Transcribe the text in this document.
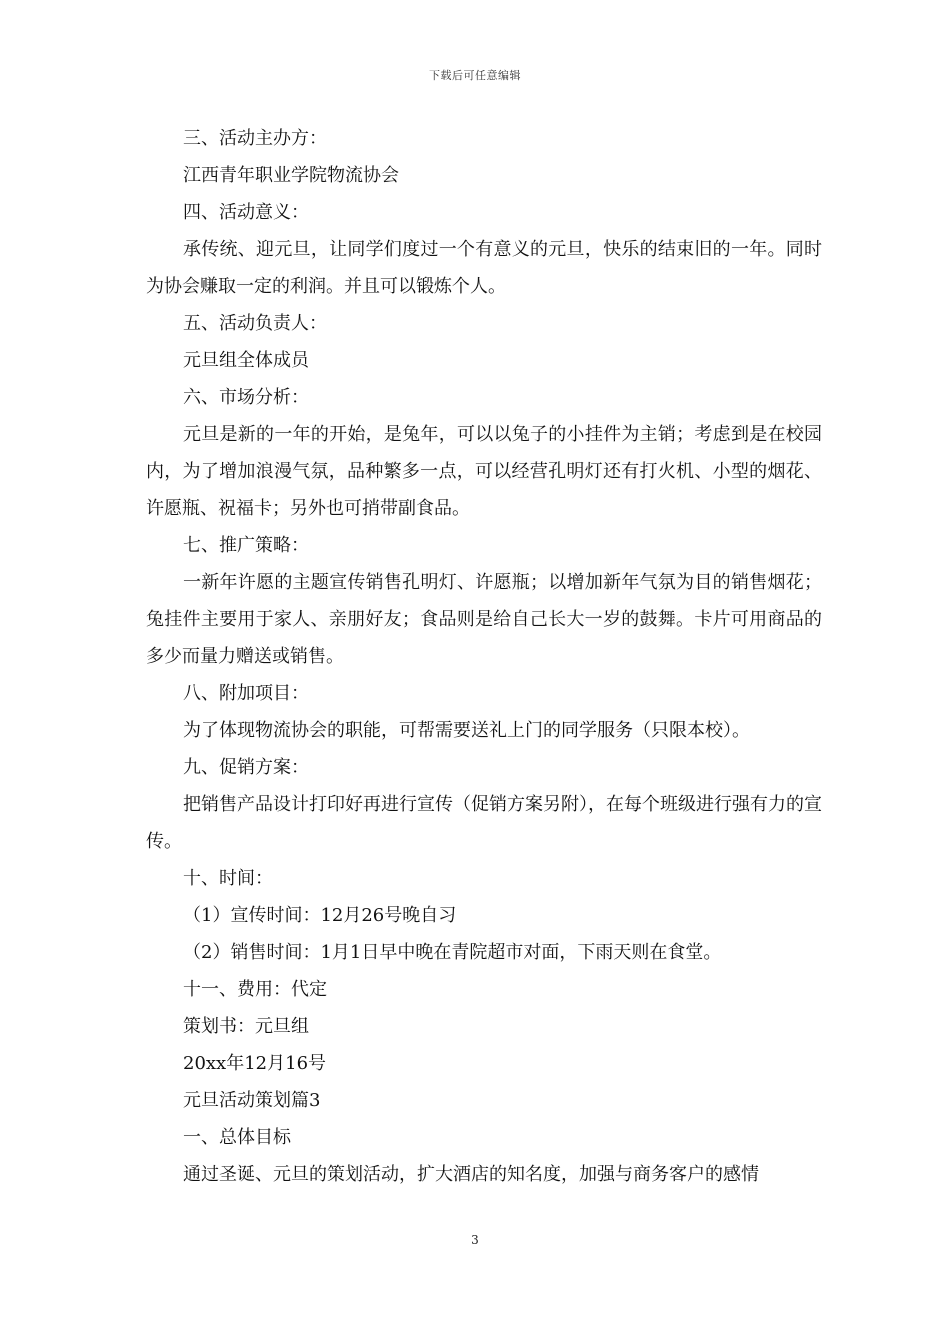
下载后可任意编辑

三、活动主办方：

江西青年职业学院物流协会

四、活动意义：

承传统、迎元旦，让同学们度过一个有意义的元旦，快乐的结束旧的一年。同时为协会赚取一定的利润。并且可以锻炼个人。

五、活动负责人：

元旦组全体成员

六、市场分析：

元旦是新的一年的开始，是兔年，可以以兔子的小挂件为主销；考虑到是在校园内，为了增加浪漫气氛，品种繁多一点，可以经营孔明灯还有打火机、小型的烟花、许愿瓶、祝福卡；另外也可捎带副食品。

七、推广策略：

一新年许愿的主题宣传销售孔明灯、许愿瓶；以增加新年气氛为目的销售烟花；兔挂件主要用于家人、亲朋好友；食品则是给自己长大一岁的鼓舞。卡片可用商品的多少而量力赠送或销售。

八、附加项目：

为了体现物流协会的职能，可帮需要送礼上门的同学服务（只限本校）。

九、促销方案：

把销售产品设计打印好再进行宣传（促销方案另附），在每个班级进行强有力的宣传。

十、时间：

（1）宣传时间：12月26号晚自习

（2）销售时间：1月1日早中晚在青院超市对面，下雨天则在食堂。

十一、费用：代定

策划书：元旦组

20xx年12月16号

元旦活动策划篇3

一、总体目标

通过圣诞、元旦的策划活动，扩大酒店的知名度，加强与商务客户的感情

3
